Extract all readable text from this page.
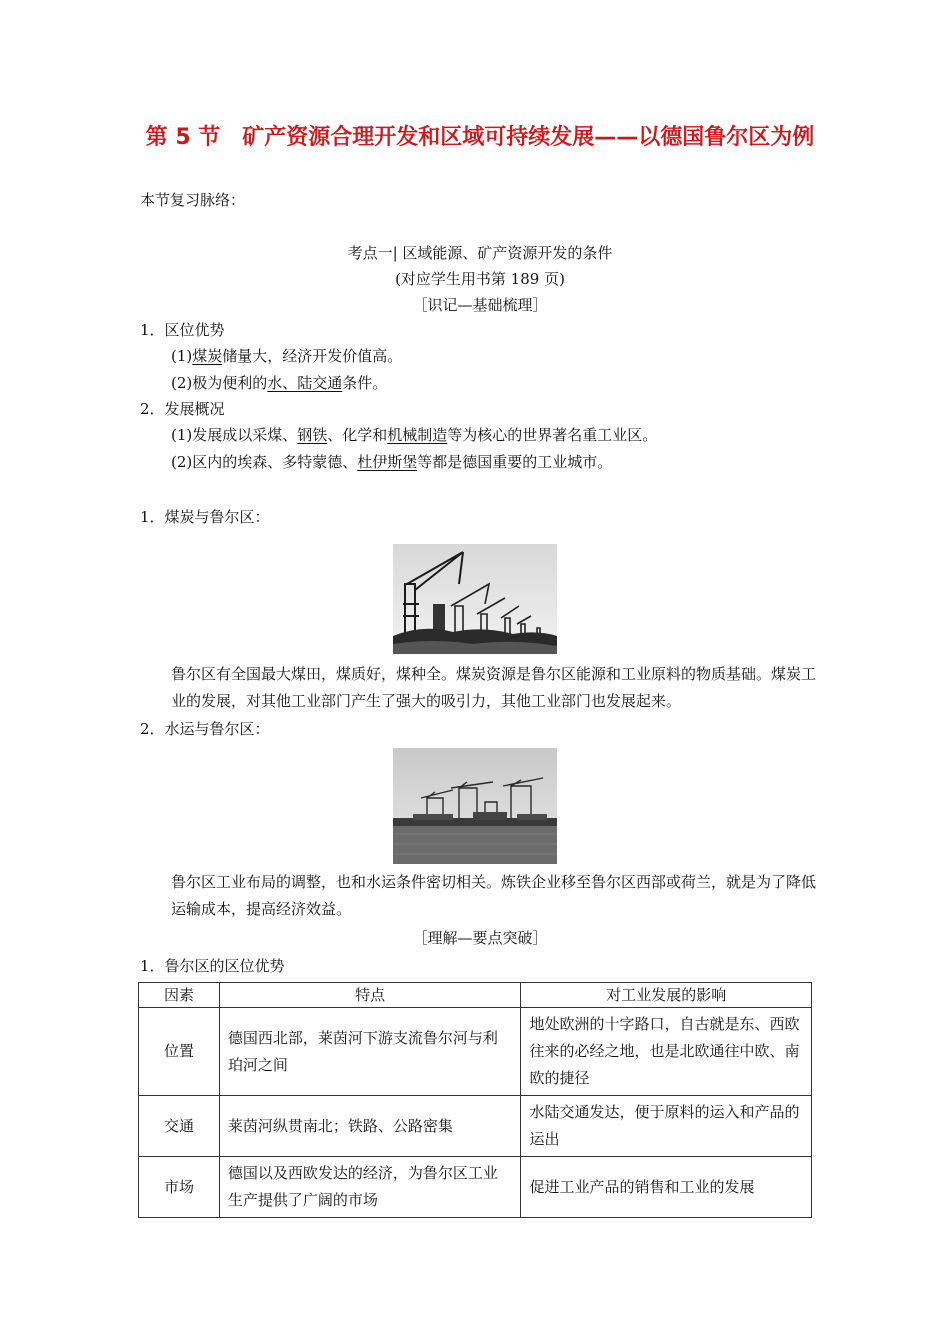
第 5 节　矿产资源合理开发和区域可持续发展——以德国鲁尔区为例
本节复习脉络：
考点一| 区域能源、矿产资源开发的条件
(对应学生用书第 189 页)
［识记—基础梳理］
1．区位优势
(1)煤炭储量大，经济开发价值高。
(2)极为便利的水、陆交通条件。
2．发展概况
(1)发展成以采煤、钢铁、化学和机械制造等为核心的世界著名重工业区。
(2)区内的埃森、多特蒙德、杜伊斯堡等都是德国重要的工业城市。
1．煤炭与鲁尔区：
鲁尔区有全国最大煤田，煤质好，煤种全。煤炭资源是鲁尔区能源和工业原料的物质基础。煤炭工业的发展，对其他工业部门产生了强大的吸引力，其他工业部门也发展起来。
2．水运与鲁尔区：
鲁尔区工业布局的调整，也和水运条件密切相关。炼铁企业移至鲁尔区西部或荷兰，就是为了降低运输成本，提高经济效益。
［理解—要点突破］
1．鲁尔区的区位优势
因素	特点	对工业发展的影响
位置	德国西北部，莱茵河下游支流鲁尔河与利珀河之间	地处欧洲的十字路口，自古就是东、西欧往来的必经之地，也是北欧通往中欧、南欧的捷径
交通	莱茵河纵贯南北；铁路、公路密集	水陆交通发达，便于原料的运入和产品的运出
市场	德国以及西欧发达的经济，为鲁尔区工业生产提供了广阔的市场	促进工业产品的销售和工业的发展
